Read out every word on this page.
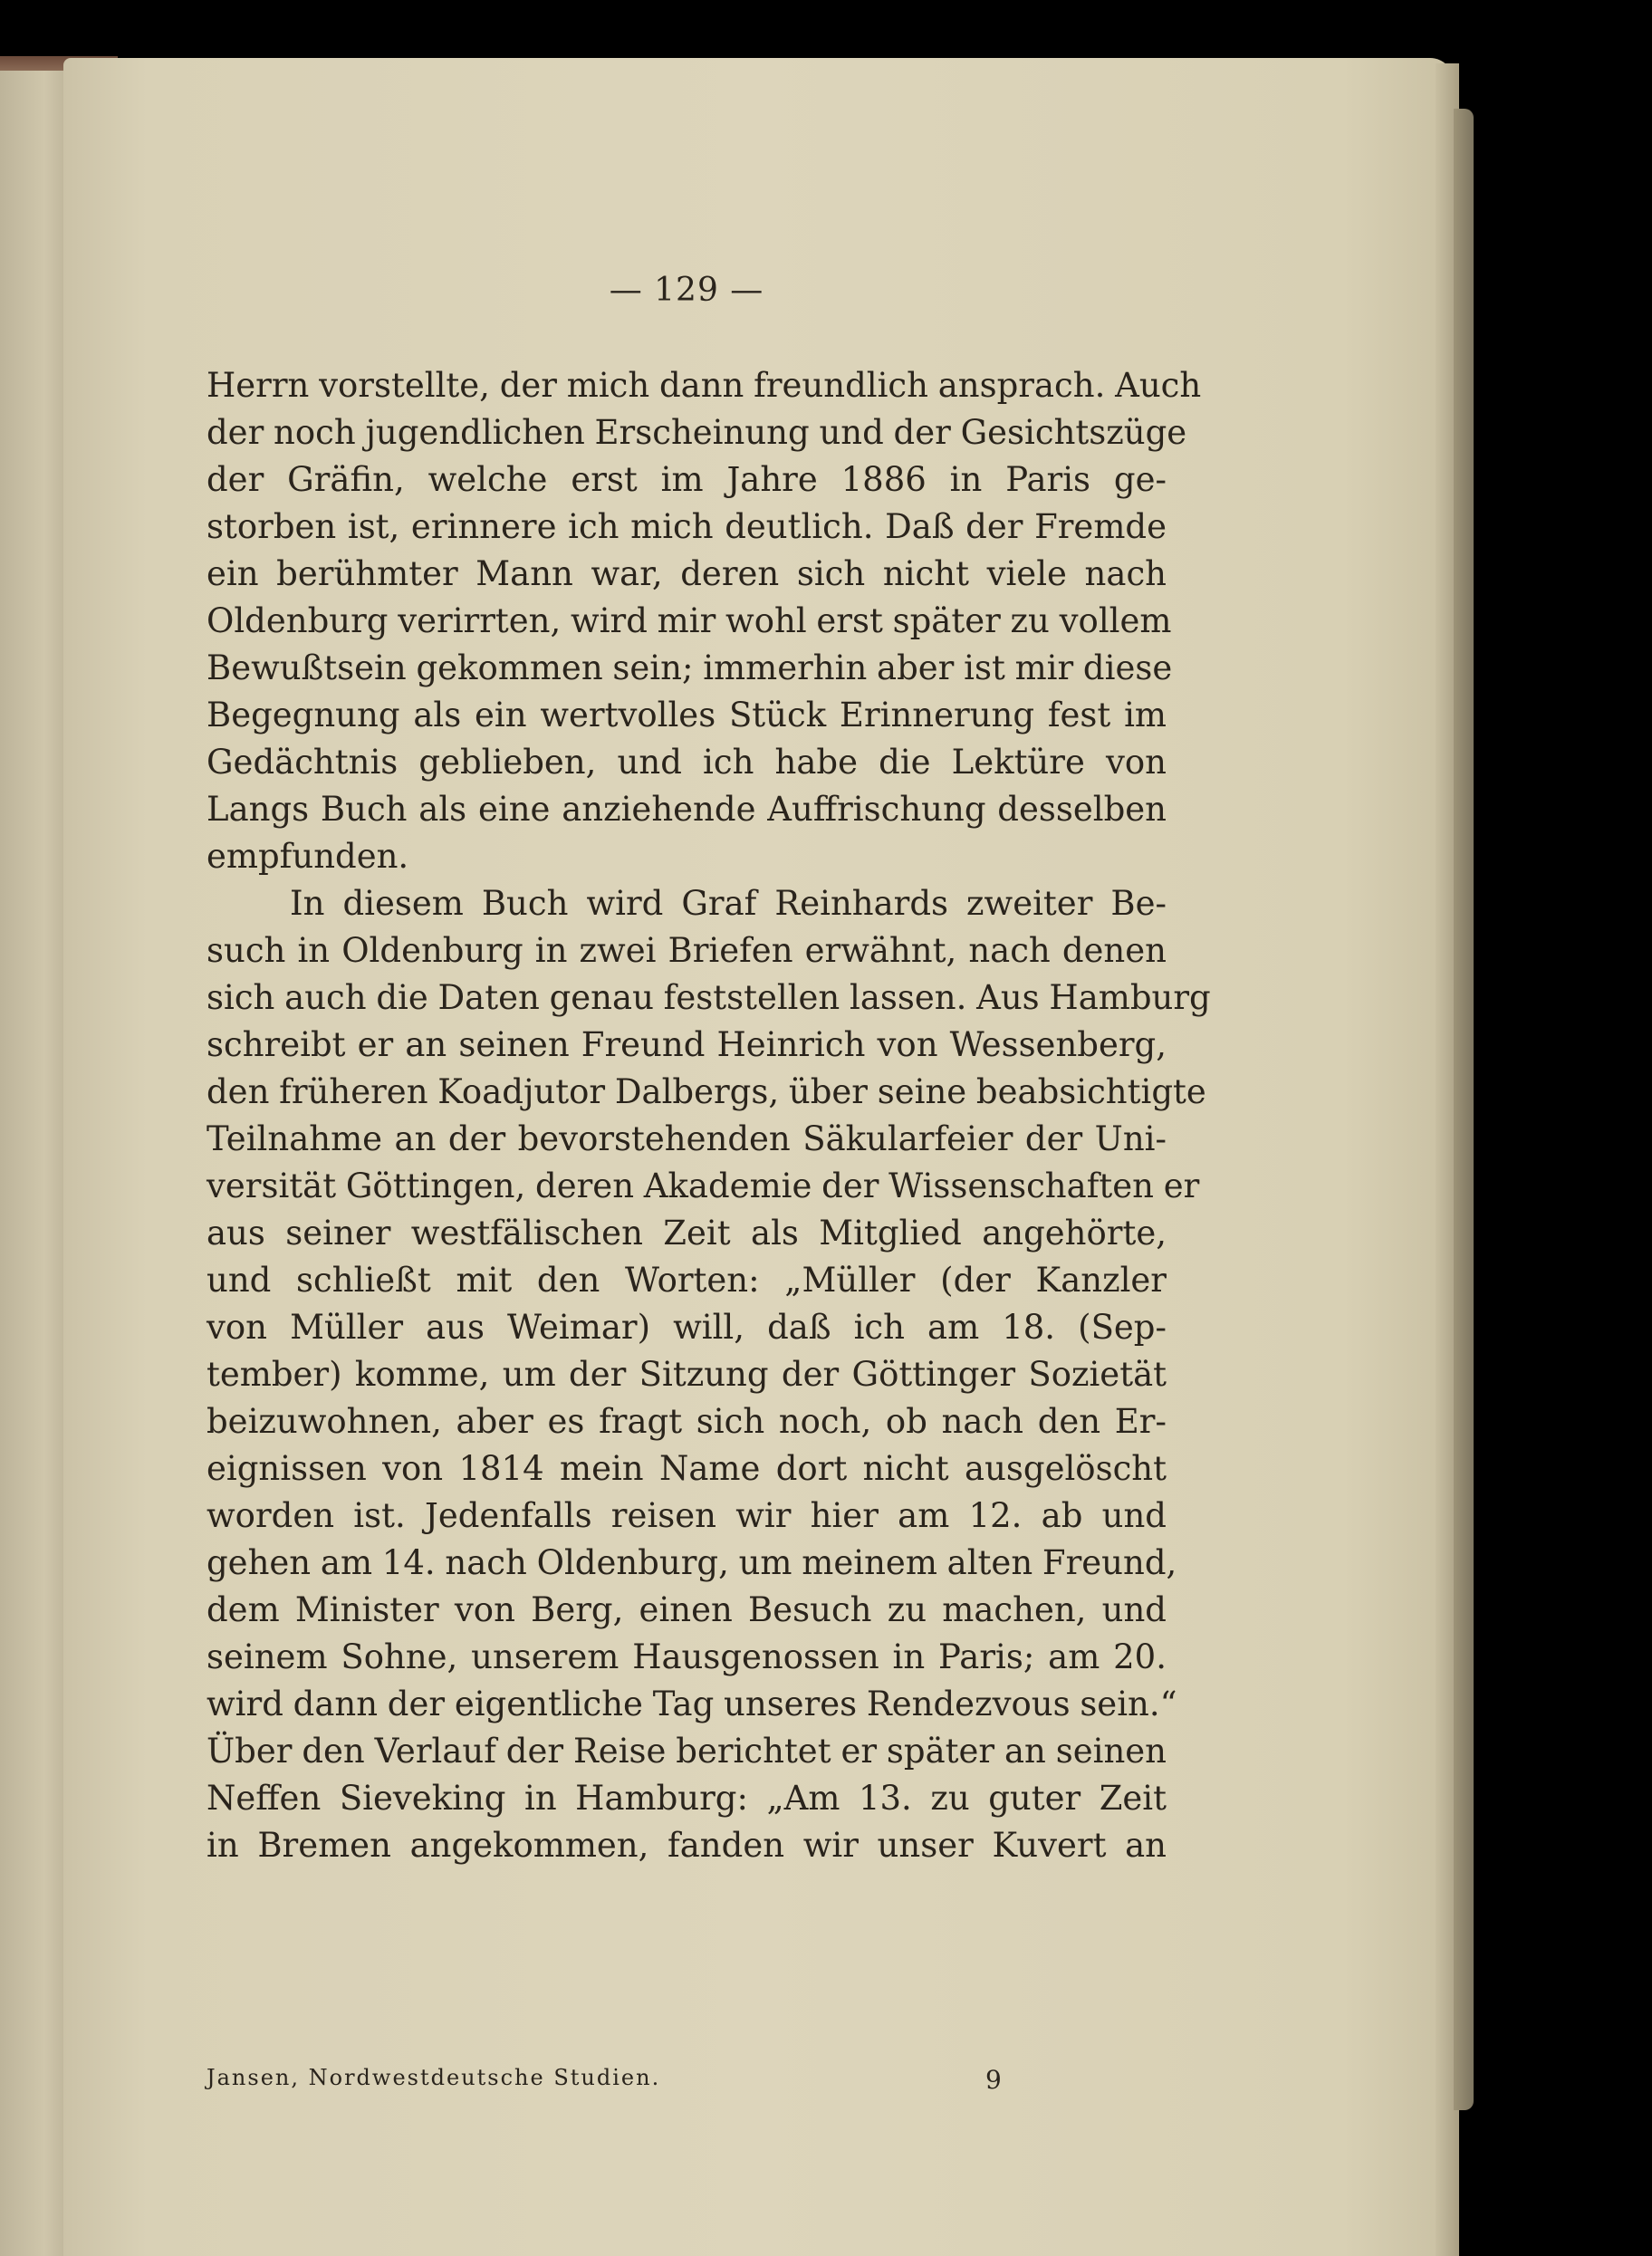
— 129 —
Herrn vorstellte, der mich dann freundlich ansprach. Auch
der noch jugendlichen Erscheinung und der Gesichtszüge
der Gräfin, welche erst im Jahre 1886 in Paris ge-
storben ist, erinnere ich mich deutlich. Daß der Fremde
ein berühmter Mann war, deren sich nicht viele nach
Oldenburg verirrten, wird mir wohl erst später zu vollem
Bewußtsein gekommen sein; immerhin aber ist mir diese
Begegnung als ein wertvolles Stück Erinnerung fest im
Gedächtnis geblieben, und ich habe die Lektüre von
Langs Buch als eine anziehende Auffrischung desselben
empfunden.
In diesem Buch wird Graf Reinhards zweiter Be-
such in Oldenburg in zwei Briefen erwähnt, nach denen
sich auch die Daten genau feststellen lassen. Aus Hamburg
schreibt er an seinen Freund Heinrich von Wessenberg,
den früheren Koadjutor Dalbergs, über seine beabsichtigte
Teilnahme an der bevorstehenden Säkularfeier der Uni-
versität Göttingen, deren Akademie der Wissenschaften er
aus seiner westfälischen Zeit als Mitglied angehörte,
und schließt mit den Worten: „Müller (der Kanzler
von Müller aus Weimar) will, daß ich am 18. (Sep-
tember) komme, um der Sitzung der Göttinger Sozietät
beizuwohnen, aber es fragt sich noch, ob nach den Er-
eignissen von 1814 mein Name dort nicht ausgelöscht
worden ist. Jedenfalls reisen wir hier am 12. ab und
gehen am 14. nach Oldenburg, um meinem alten Freund,
dem Minister von Berg, einen Besuch zu machen, und
seinem Sohne, unserem Hausgenossen in Paris; am 20.
wird dann der eigentliche Tag unseres Rendezvous sein.“
Über den Verlauf der Reise berichtet er später an seinen
Neffen Sieveking in Hamburg: „Am 13. zu guter Zeit
in Bremen angekommen, fanden wir unser Kuvert an
Jansen, Nordwestdeutsche Studien.	9
